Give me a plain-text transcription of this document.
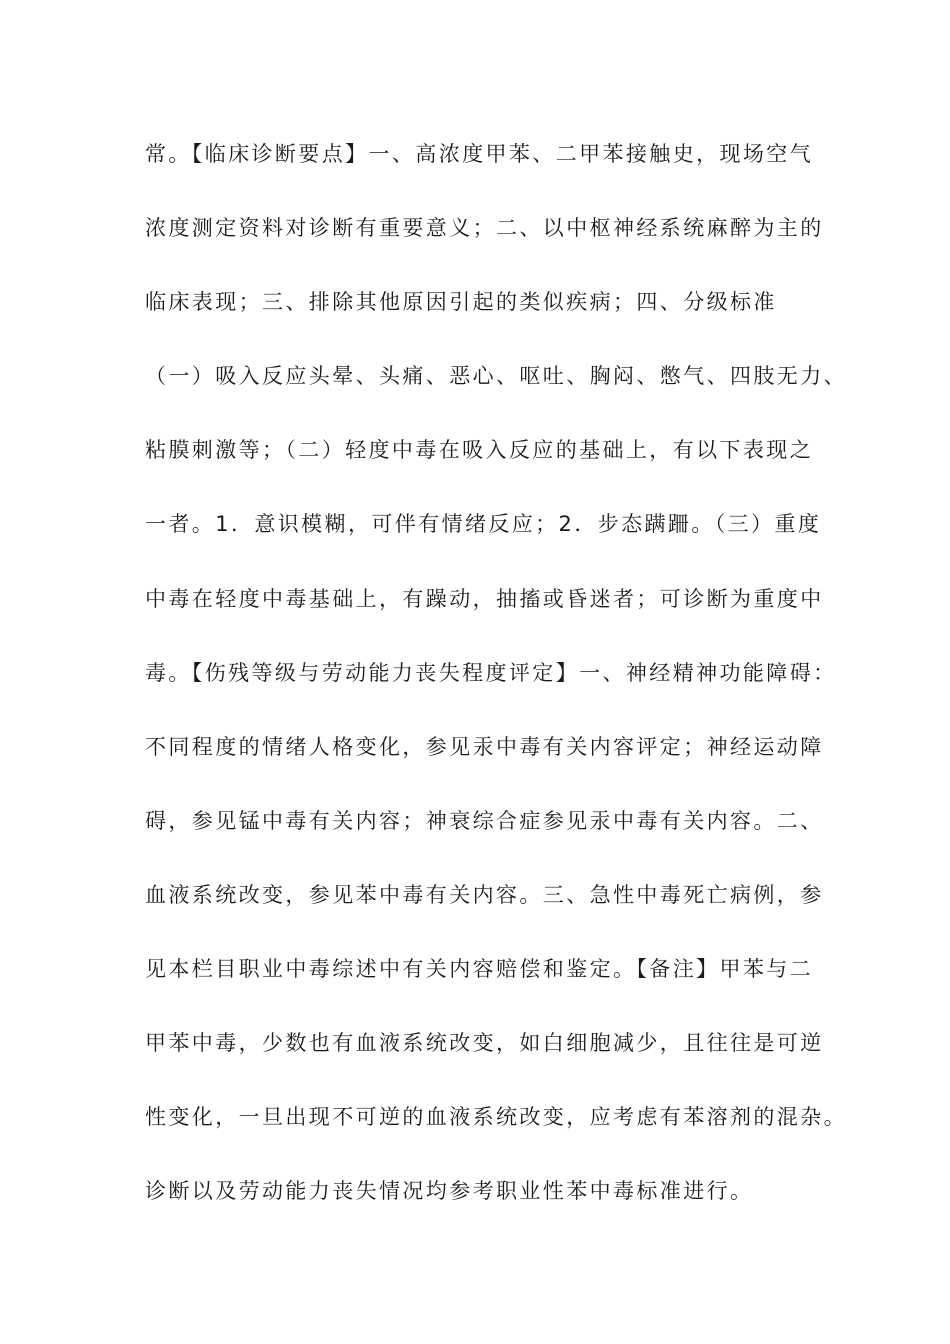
常。【临床诊断要点】一、高浓度甲苯、二甲苯接触史，现场空气
浓度测定资料对诊断有重要意义；二、以中枢神经系统麻醉为主的
临床表现；三、排除其他原因引起的类似疾病；四、分级标准
（一）吸入反应头晕、头痛、恶心、呕吐、胸闷、憋气、四肢无力、
粘膜刺激等；（二）轻度中毒在吸入反应的基础上，有以下表现之
一者。1．意识模糊，可伴有情绪反应；2．步态蹒跚。（三）重度
中毒在轻度中毒基础上，有躁动，抽搐或昏迷者；可诊断为重度中
毒。【伤残等级与劳动能力丧失程度评定】一、神经精神功能障碍：
不同程度的情绪人格变化，参见汞中毒有关内容评定；神经运动障
碍，参见锰中毒有关内容；神衰综合症参见汞中毒有关内容。二、
血液系统改变，参见苯中毒有关内容。三、急性中毒死亡病例，参
见本栏目职业中毒综述中有关内容赔偿和鉴定。【备注】甲苯与二
甲苯中毒，少数也有血液系统改变，如白细胞减少，且往往是可逆
性变化，一旦出现不可逆的血液系统改变，应考虑有苯溶剂的混杂。
诊断以及劳动能力丧失情况均参考职业性苯中毒标准进行。
